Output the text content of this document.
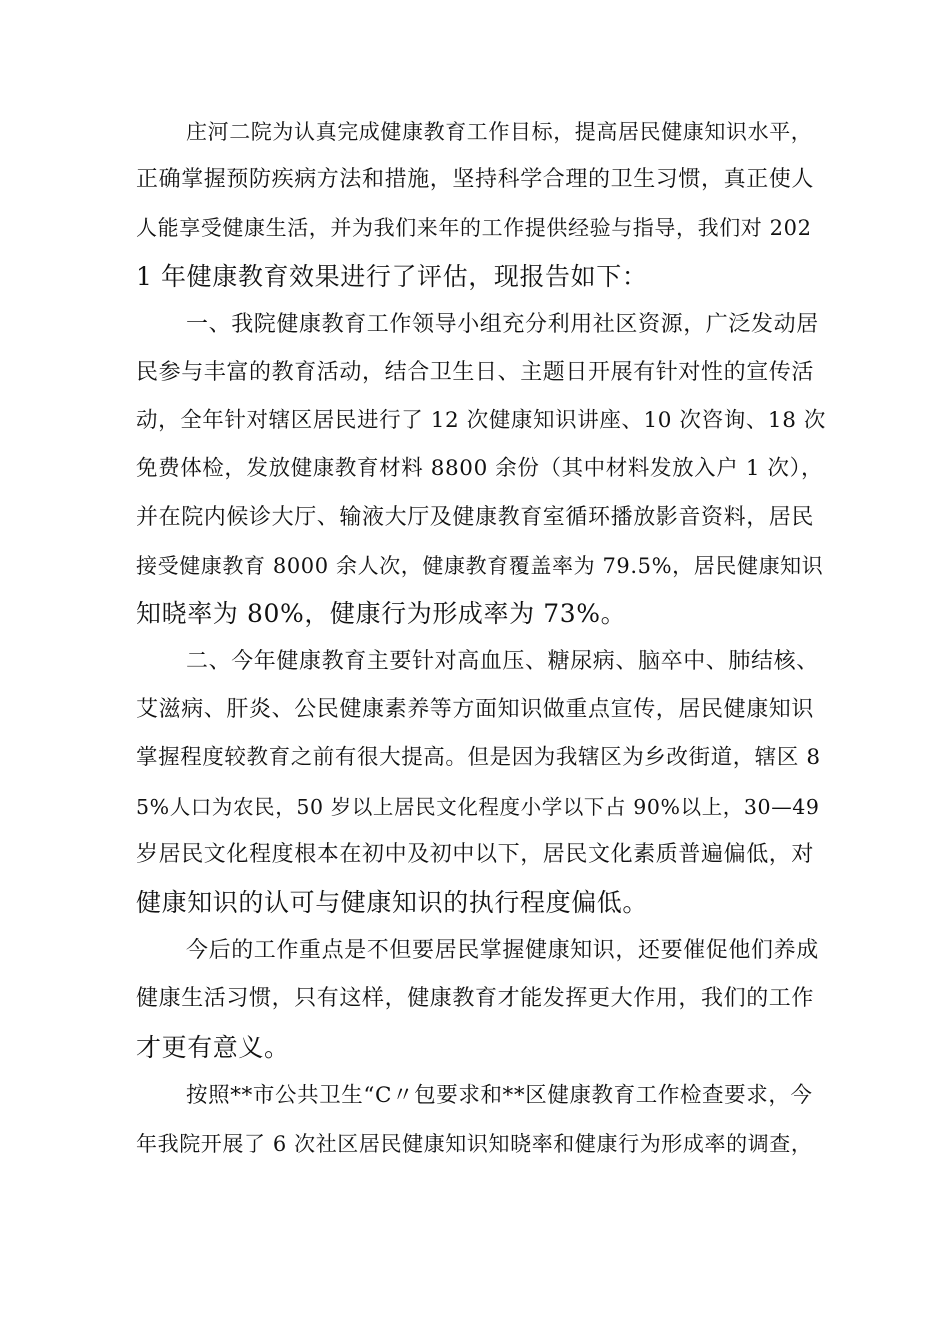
庄河二院为认真完成健康教育工作目标，提高居民健康知识水平，
正确掌握预防疾病方法和措施，坚持科学合理的卫生习惯，真正使人
人能享受健康生活，并为我们来年的工作提供经验与指导，我们对 202
1 年健康教育效果进行了评估，现报告如下：
一、我院健康教育工作领导小组充分利用社区资源，广泛发动居
民参与丰富的教育活动，结合卫生日、主题日开展有针对性的宣传活
动，全年针对辖区居民进行了 12 次健康知识讲座、10 次咨询、18 次
免费体检，发放健康教育材料 8800 余份（其中材料发放入户 1 次），
并在院内候诊大厅、输液大厅及健康教育室循环播放影音资料，居民
接受健康教育 8000 余人次，健康教育覆盖率为 79.5%，居民健康知识
知晓率为 80%，健康行为形成率为 73%。
二、今年健康教育主要针对高血压、糖尿病、脑卒中、肺结核、
艾滋病、肝炎、公民健康素养等方面知识做重点宣传，居民健康知识
掌握程度较教育之前有很大提高。但是因为我辖区为乡改街道，辖区 8
5%人口为农民，50 岁以上居民文化程度小学以下占 90%以上，30—49
岁居民文化程度根本在初中及初中以下，居民文化素质普遍偏低，对
健康知识的认可与健康知识的执行程度偏低。
今后的工作重点是不但要居民掌握健康知识，还要催促他们养成
健康生活习惯，只有这样，健康教育才能发挥更大作用，我们的工作
才更有意义。
按照**市公共卫生“C〃包要求和**区健康教育工作检查要求，今
年我院开展了 6 次社区居民健康知识知晓率和健康行为形成率的调查，
